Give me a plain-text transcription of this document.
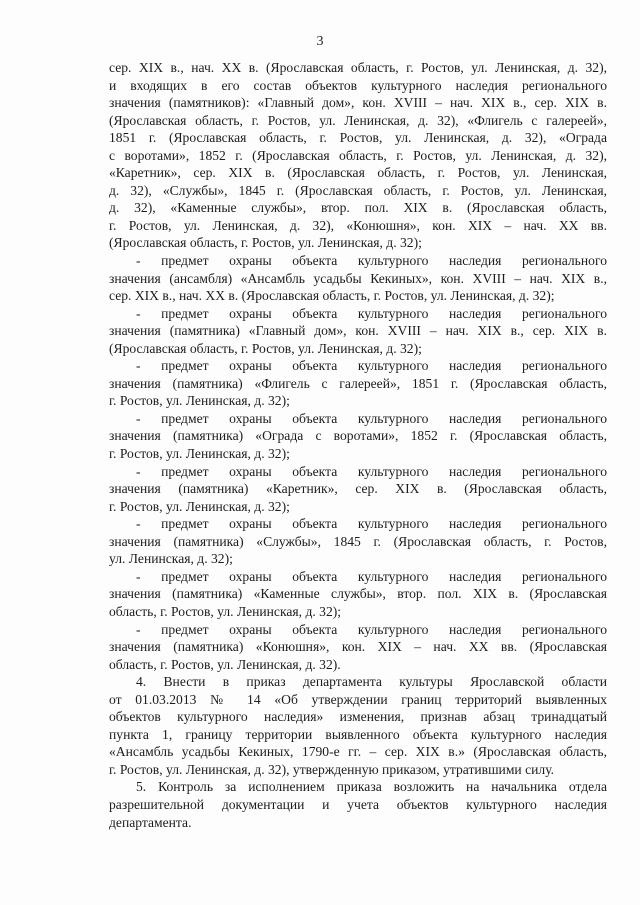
3
сер. XIX в., нач. XX в. (Ярославская область, г. Ростов, ул. Ленинская, д. 32),
и входящих в его состав объектов культурного наследия регионального
значения (памятников): «Главный дом», кон. XVIII – нач. XIX в., сер. XIX в.
(Ярославская область, г. Ростов, ул. Ленинская, д. 32), «Флигель с галереей»,
1851 г. (Ярославская область, г. Ростов, ул. Ленинская, д. 32), «Ограда
с воротами», 1852 г. (Ярославская область, г. Ростов, ул. Ленинская, д. 32),
«Каретник», сер. XIX в. (Ярославская область, г. Ростов, ул. Ленинская,
д. 32), «Службы», 1845 г. (Ярославская область, г. Ростов, ул. Ленинская,
д. 32), «Каменные службы», втор. пол. XIX в. (Ярославская область,
г. Ростов, ул. Ленинская, д. 32), «Конюшня», кон. XIX – нач. XX вв.
(Ярославская область, г. Ростов, ул. Ленинская, д. 32);
- предмет охраны объекта культурного наследия регионального
значения (ансамбля) «Ансамбль усадьбы Кекиных», кон. XVIII – нач. XIX в.,
сер. XIX в., нач. XX в. (Ярославская область, г. Ростов, ул. Ленинская, д. 32);
- предмет охраны объекта культурного наследия регионального
значения (памятника) «Главный дом», кон. XVIII – нач. XIX в., сер. XIX в.
(Ярославская область, г. Ростов, ул. Ленинская, д. 32);
- предмет охраны объекта культурного наследия регионального
значения (памятника) «Флигель с галереей», 1851 г. (Ярославская область,
г. Ростов, ул. Ленинская, д. 32);
- предмет охраны объекта культурного наследия регионального
значения (памятника) «Ограда с воротами», 1852 г. (Ярославская область,
г. Ростов, ул. Ленинская, д. 32);
- предмет охраны объекта культурного наследия регионального
значения (памятника) «Каретник», сер. XIX в. (Ярославская область,
г. Ростов, ул. Ленинская, д. 32);
- предмет охраны объекта культурного наследия регионального
значения (памятника) «Службы», 1845 г. (Ярославская область, г. Ростов,
ул. Ленинская, д. 32);
- предмет охраны объекта культурного наследия регионального
значения (памятника) «Каменные службы», втор. пол. XIX в. (Ярославская
область, г. Ростов, ул. Ленинская, д. 32);
- предмет охраны объекта культурного наследия регионального
значения (памятника) «Конюшня», кон. XIX – нач. XX вв. (Ярославская
область, г. Ростов, ул. Ленинская, д. 32).
4. Внести в приказ департамента культуры Ярославской области
от 01.03.2013 № 14 «Об утверждении границ территорий выявленных
объектов культурного наследия» изменения, признав абзац тринадцатый
пункта 1, границу территории выявленного объекта культурного наследия
«Ансамбль усадьбы Кекиных, 1790-е гг. – сер. XIX в.» (Ярославская область,
г. Ростов, ул. Ленинская, д. 32), утвержденную приказом, утратившими силу.
5. Контроль за исполнением приказа возложить на начальника отдела
разрешительной документации и учета объектов культурного наследия
департамента.
